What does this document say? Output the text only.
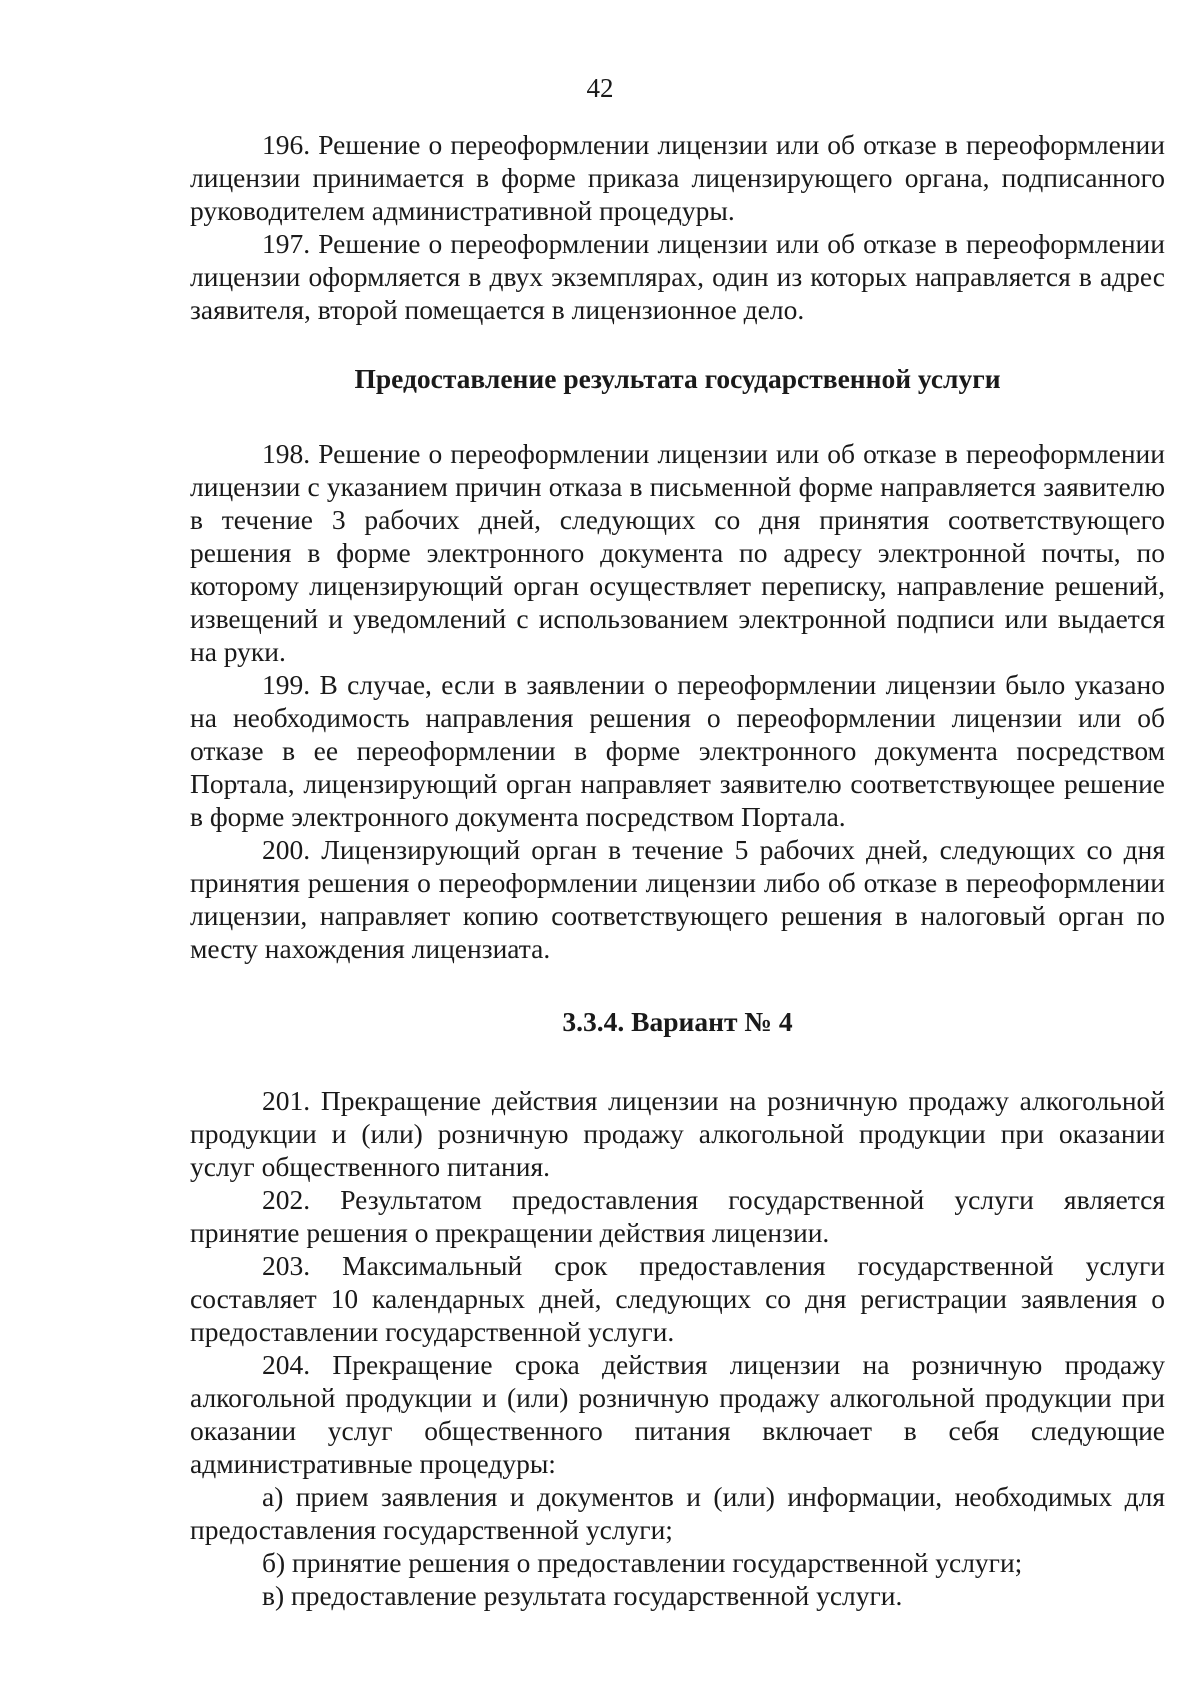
42

196. Решение о переоформлении лицензии или об отказе в переоформлении лицензии принимается в форме приказа лицензирующего органа, подписанного руководителем административной процедуры.

197. Решение о переоформлении лицензии или об отказе в переоформлении лицензии оформляется в двух экземплярах, один из которых направляется в адрес заявителя, второй помещается в лицензионное дело.

Предоставление результата государственной услуги

198. Решение о переоформлении лицензии или об отказе в переоформлении лицензии с указанием причин отказа в письменной форме направляется заявителю в течение 3 рабочих дней, следующих со дня принятия соответствующего решения в форме электронного документа по адресу электронной почты, по которому лицензирующий орган осуществляет переписку, направление решений, извещений и уведомлений с использованием электронной подписи или выдается на руки.

199. В случае, если в заявлении о переоформлении лицензии было указано на необходимость направления решения о переоформлении лицензии или об отказе в ее переоформлении в форме электронного документа посредством Портала, лицензирующий орган направляет заявителю соответствующее решение в форме электронного документа посредством Портала.

200. Лицензирующий орган в течение 5 рабочих дней, следующих со дня принятия решения о переоформлении лицензии либо об отказе в переоформлении лицензии, направляет копию соответствующего решения в налоговый орган по месту нахождения лицензиата.

3.3.4. Вариант № 4

201. Прекращение действия лицензии на розничную продажу алкогольной продукции и (или) розничную продажу алкогольной продукции при оказании услуг общественного питания.

202. Результатом предоставления государственной услуги является принятие решения о прекращении действия лицензии.

203. Максимальный срок предоставления государственной услуги составляет 10 календарных дней, следующих со дня регистрации заявления о предоставлении государственной услуги.

204. Прекращение срока действия лицензии на розничную продажу алкогольной продукции и (или) розничную продажу алкогольной продукции при оказании услуг общественного питания включает в себя следующие административные процедуры:

а) прием заявления и документов и (или) информации, необходимых для предоставления государственной услуги;

б) принятие решения о предоставлении государственной услуги;

в) предоставление результата государственной услуги.
